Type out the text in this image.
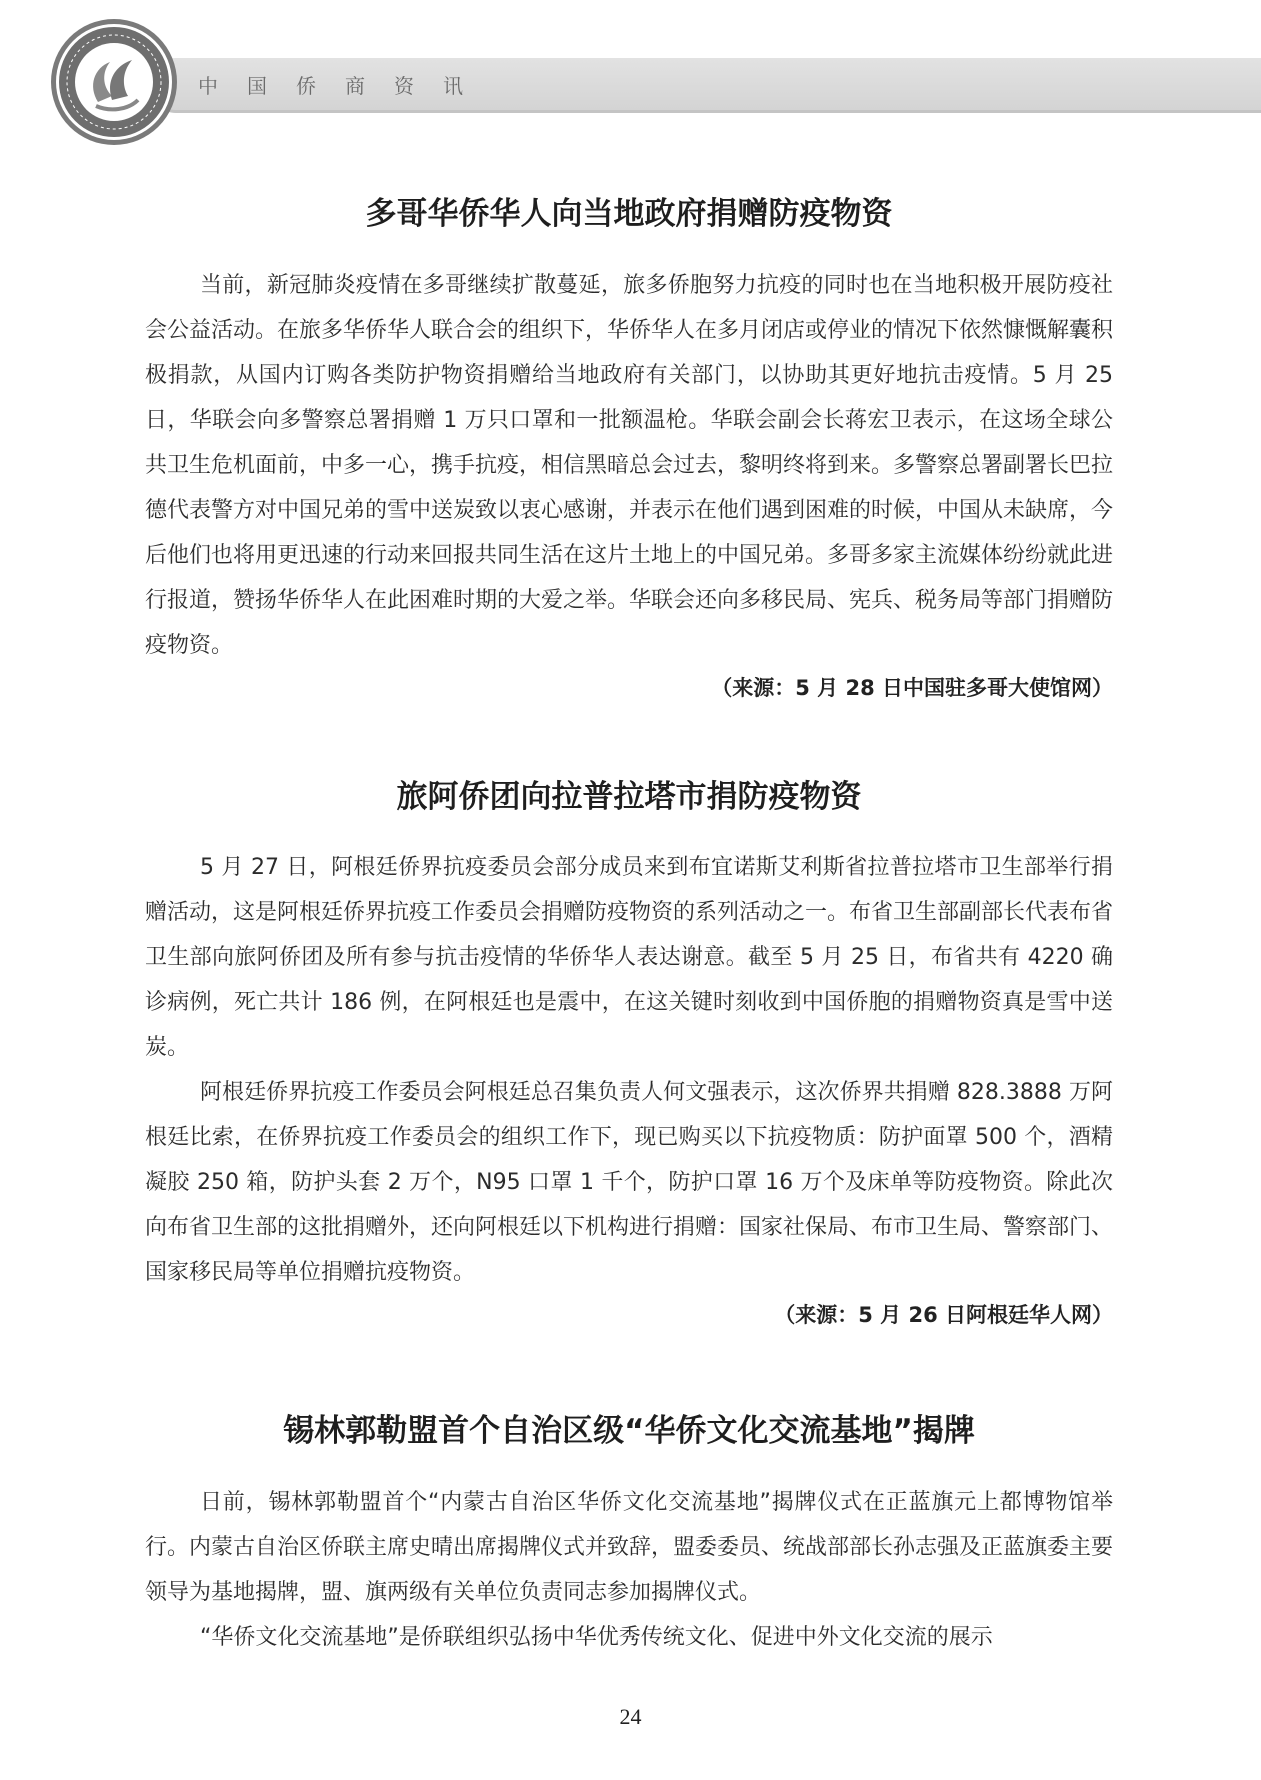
中国侨商资讯
多哥华侨华人向当地政府捐赠防疫物资

当前，新冠肺炎疫情在多哥继续扩散蔓延，旅多侨胞努力抗疫的同时也在当地积极开展防疫社会公益活动。在旅多华侨华人联合会的组织下，华侨华人在多月闭店或停业的情况下依然慷慨解囊积极捐款，从国内订购各类防护物资捐赠给当地政府有关部门，以协助其更好地抗击疫情。5 月 25 日，华联会向多警察总署捐赠 1 万只口罩和一批额温枪。华联会副会长蒋宏卫表示，在这场全球公共卫生危机面前，中多一心，携手抗疫，相信黑暗总会过去，黎明终将到来。多警察总署副署长巴拉德代表警方对中国兄弟的雪中送炭致以衷心感谢，并表示在他们遇到困难的时候，中国从未缺席，今后他们也将用更迅速的行动来回报共同生活在这片土地上的中国兄弟。多哥多家主流媒体纷纷就此进行报道，赞扬华侨华人在此困难时期的大爱之举。华联会还向多移民局、宪兵、税务局等部门捐赠防疫物资。

（来源：5 月 28 日中国驻多哥大使馆网）

旅阿侨团向拉普拉塔市捐防疫物资

5 月 27 日，阿根廷侨界抗疫委员会部分成员来到布宜诺斯艾利斯省拉普拉塔市卫生部举行捐赠活动，这是阿根廷侨界抗疫工作委员会捐赠防疫物资的系列活动之一。布省卫生部副部长代表布省卫生部向旅阿侨团及所有参与抗击疫情的华侨华人表达谢意。截至 5 月 25 日，布省共有 4220 确诊病例，死亡共计 186 例，在阿根廷也是震中，在这关键时刻收到中国侨胞的捐赠物资真是雪中送炭。

阿根廷侨界抗疫工作委员会阿根廷总召集负责人何文强表示，这次侨界共捐赠 828.3888 万阿根廷比索，在侨界抗疫工作委员会的组织工作下，现已购买以下抗疫物质：防护面罩 500 个，酒精凝胶 250 箱，防护头套 2 万个，N95 口罩 1 千个，防护口罩 16 万个及床单等防疫物资。除此次向布省卫生部的这批捐赠外，还向阿根廷以下机构进行捐赠：国家社保局、布市卫生局、警察部门、国家移民局等单位捐赠抗疫物资。

（来源：5 月 26 日阿根廷华人网）

锡林郭勒盟首个自治区级“华侨文化交流基地”揭牌

日前，锡林郭勒盟首个“内蒙古自治区华侨文化交流基地”揭牌仪式在正蓝旗元上都博物馆举行。内蒙古自治区侨联主席史晴出席揭牌仪式并致辞，盟委委员、统战部部长孙志强及正蓝旗委主要领导为基地揭牌，盟、旗两级有关单位负责同志参加揭牌仪式。

“华侨文化交流基地”是侨联组织弘扬中华优秀传统文化、促进中外文化交流的展示

24
